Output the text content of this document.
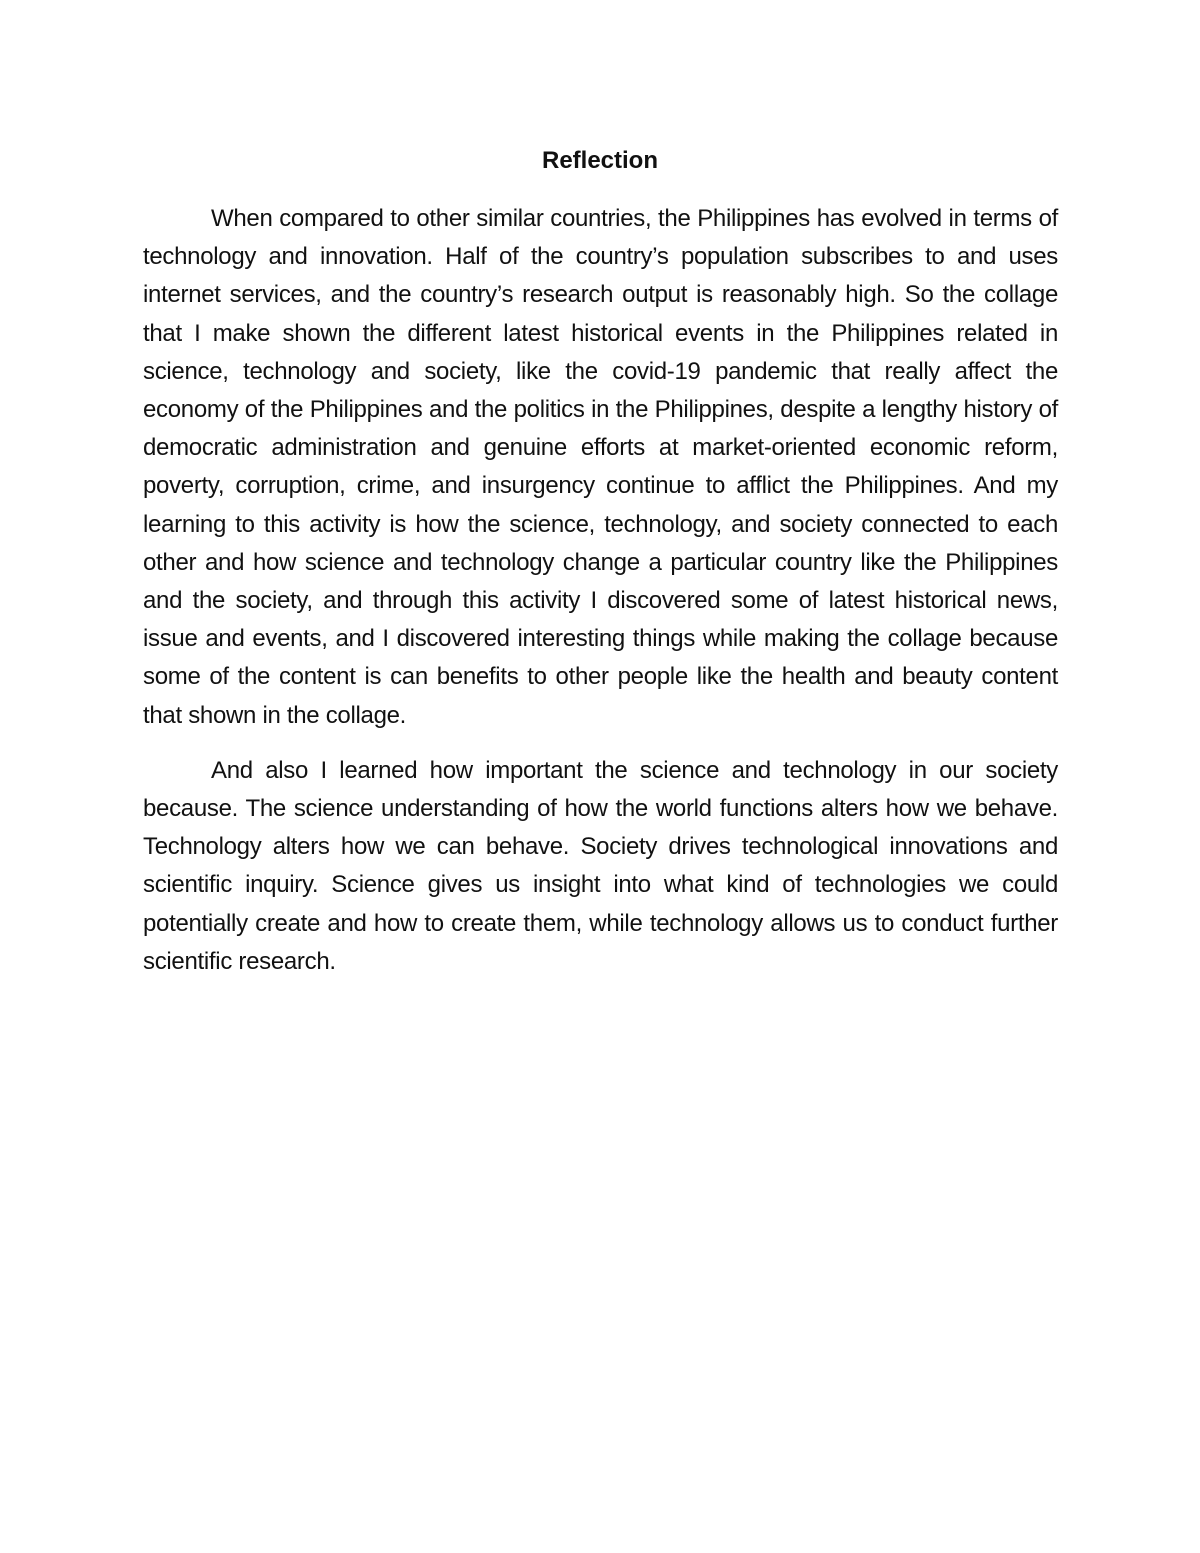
Reflection

When compared to other similar countries, the Philippines has evolved in terms of technology and innovation. Half of the country’s population subscribes to and uses internet services, and the country’s research output is reasonably high. So the collage that I make shown the different latest historical events in the Philippines related in science, technology and society, like the covid-19 pandemic that really affect the economy of the Philippines and the politics in the Philippines, despite a lengthy history of democratic administration and genuine efforts at market-oriented economic reform, poverty, corruption, crime, and insurgency continue to afflict the Philippines. And my learning to this activity is how the science, technology, and society connected to each other and how science and technology change a particular country like the Philippines and the society, and through this activity I discovered some of latest historical news, issue and events, and I discovered interesting things while making the collage because some of the content is can benefits to other people like the health and beauty content that shown in the collage.

And also I learned how important the science and technology in our society because. The science understanding of how the world functions alters how we behave. Technology alters how we can behave. Society drives technological innovations and scientific inquiry. Science gives us insight into what kind of technologies we could potentially create and how to create them, while technology allows us to conduct further scientific research.
